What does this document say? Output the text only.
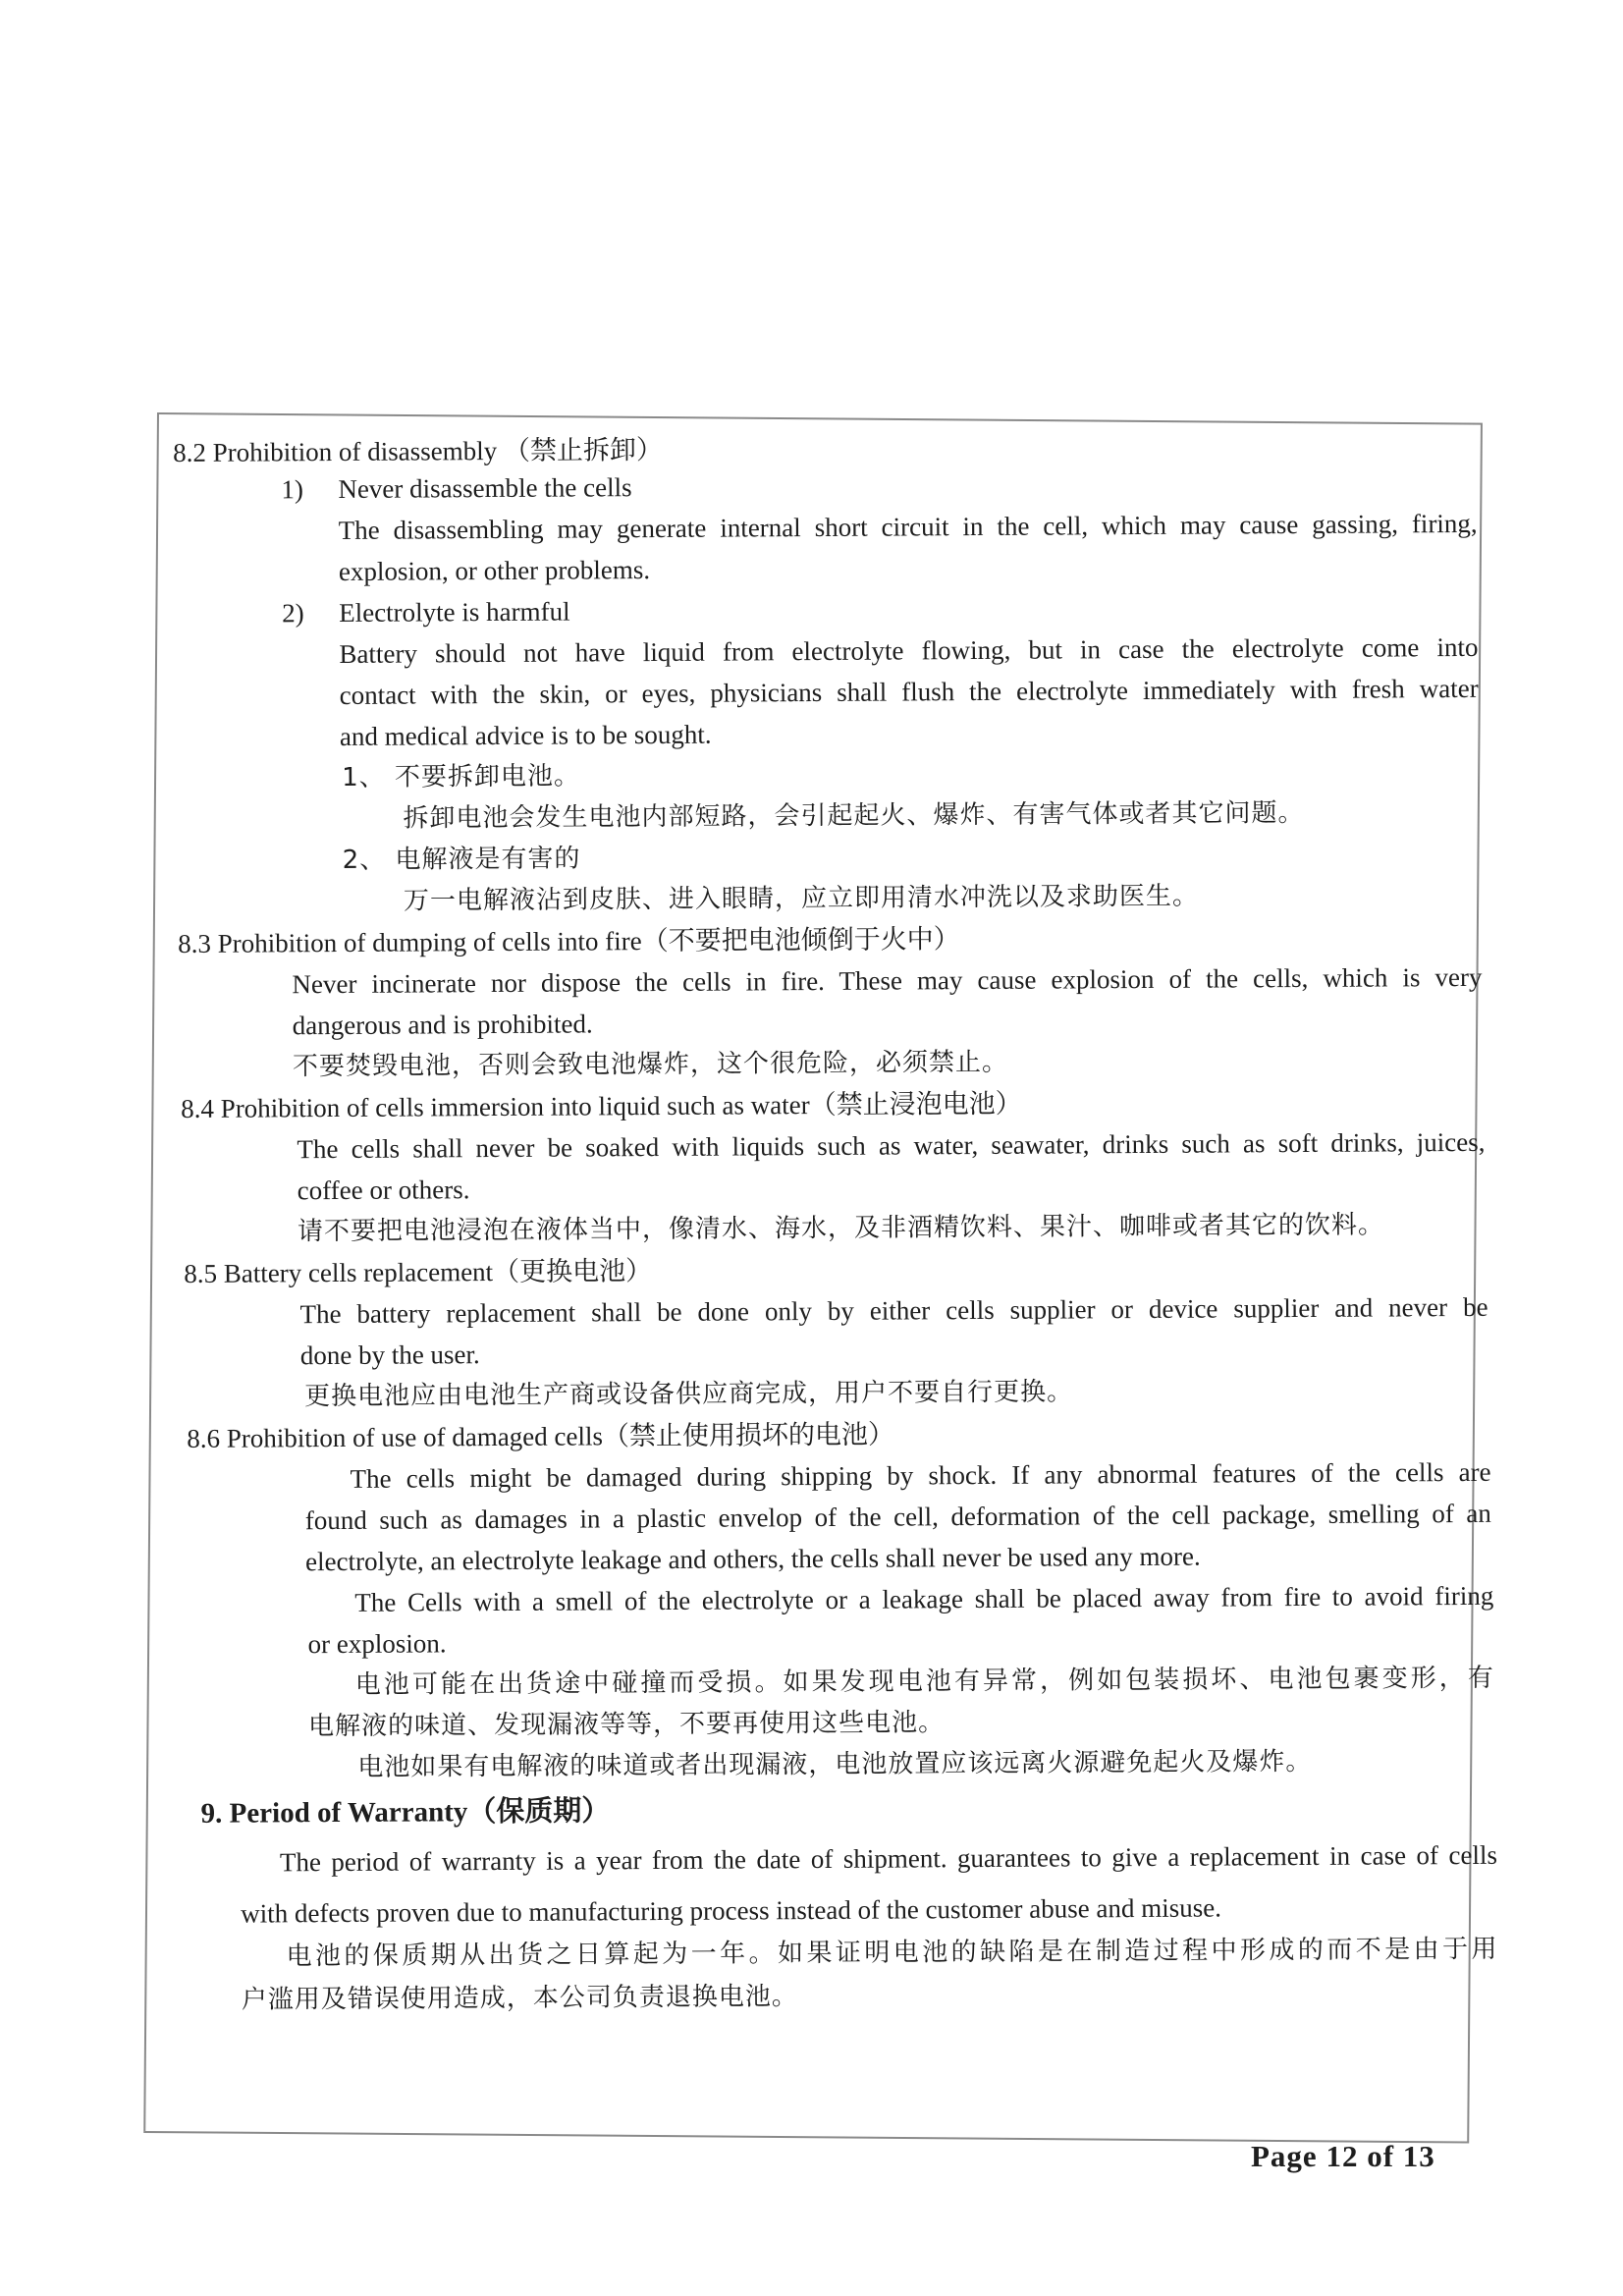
8.2 Prohibition of disassembly （禁止拆卸）
1) Never disassemble the cells
The disassembling may generate internal short circuit in the cell, which may cause gassing, firing,
explosion, or other problems.
2) Electrolyte is harmful
Battery should not have liquid from electrolyte flowing, but in case the electrolyte come into
contact with the skin, or eyes, physicians shall flush the electrolyte immediately with fresh water
and medical advice is to be sought.
1、 不要拆卸电池。
拆卸电池会发生电池内部短路，会引起起火、爆炸、有害气体或者其它问题。
2、 电解液是有害的
万一电解液沾到皮肤、进入眼睛，应立即用清水冲洗以及求助医生。
8.3 Prohibition of dumping of cells into fire（不要把电池倾倒于火中）
Never incinerate nor dispose the cells in fire. These may cause explosion of the cells, which is very
dangerous and is prohibited.
不要焚毁电池，否则会致电池爆炸，这个很危险，必须禁止。
8.4 Prohibition of cells immersion into liquid such as water（禁止浸泡电池）
The cells shall never be soaked with liquids such as water, seawater, drinks such as soft drinks, juices,
coffee or others.
请不要把电池浸泡在液体当中，像清水、海水，及非酒精饮料、果汁、咖啡或者其它的饮料。
8.5 Battery cells replacement（更换电池）
The battery replacement shall be done only by either cells supplier or device supplier and never be
done by the user.
更换电池应由电池生产商或设备供应商完成，用户不要自行更换。
8.6 Prohibition of use of damaged cells（禁止使用损坏的电池）
The cells might be damaged during shipping by shock. If any abnormal features of the cells are
found such as damages in a plastic envelop of the cell, deformation of the cell package, smelling of an
electrolyte, an electrolyte leakage and others, the cells shall never be used any more.
The Cells with a smell of the electrolyte or a leakage shall be placed away from fire to avoid firing
or explosion.
电池可能在出货途中碰撞而受损。如果发现电池有异常，例如包装损坏、电池包裹变形，有
电解液的味道、发现漏液等等，不要再使用这些电池。
电池如果有电解液的味道或者出现漏液，电池放置应该远离火源避免起火及爆炸。
9. Period of Warranty（保质期）
The period of warranty is a year from the date of shipment. guarantees to give a replacement in case of cells
with defects proven due to manufacturing process instead of the customer abuse and misuse.
电池的保质期从出货之日算起为一年。如果证明电池的缺陷是在制造过程中形成的而不是由于用
户滥用及错误使用造成，本公司负责退换电池。
Page 12 of 13
